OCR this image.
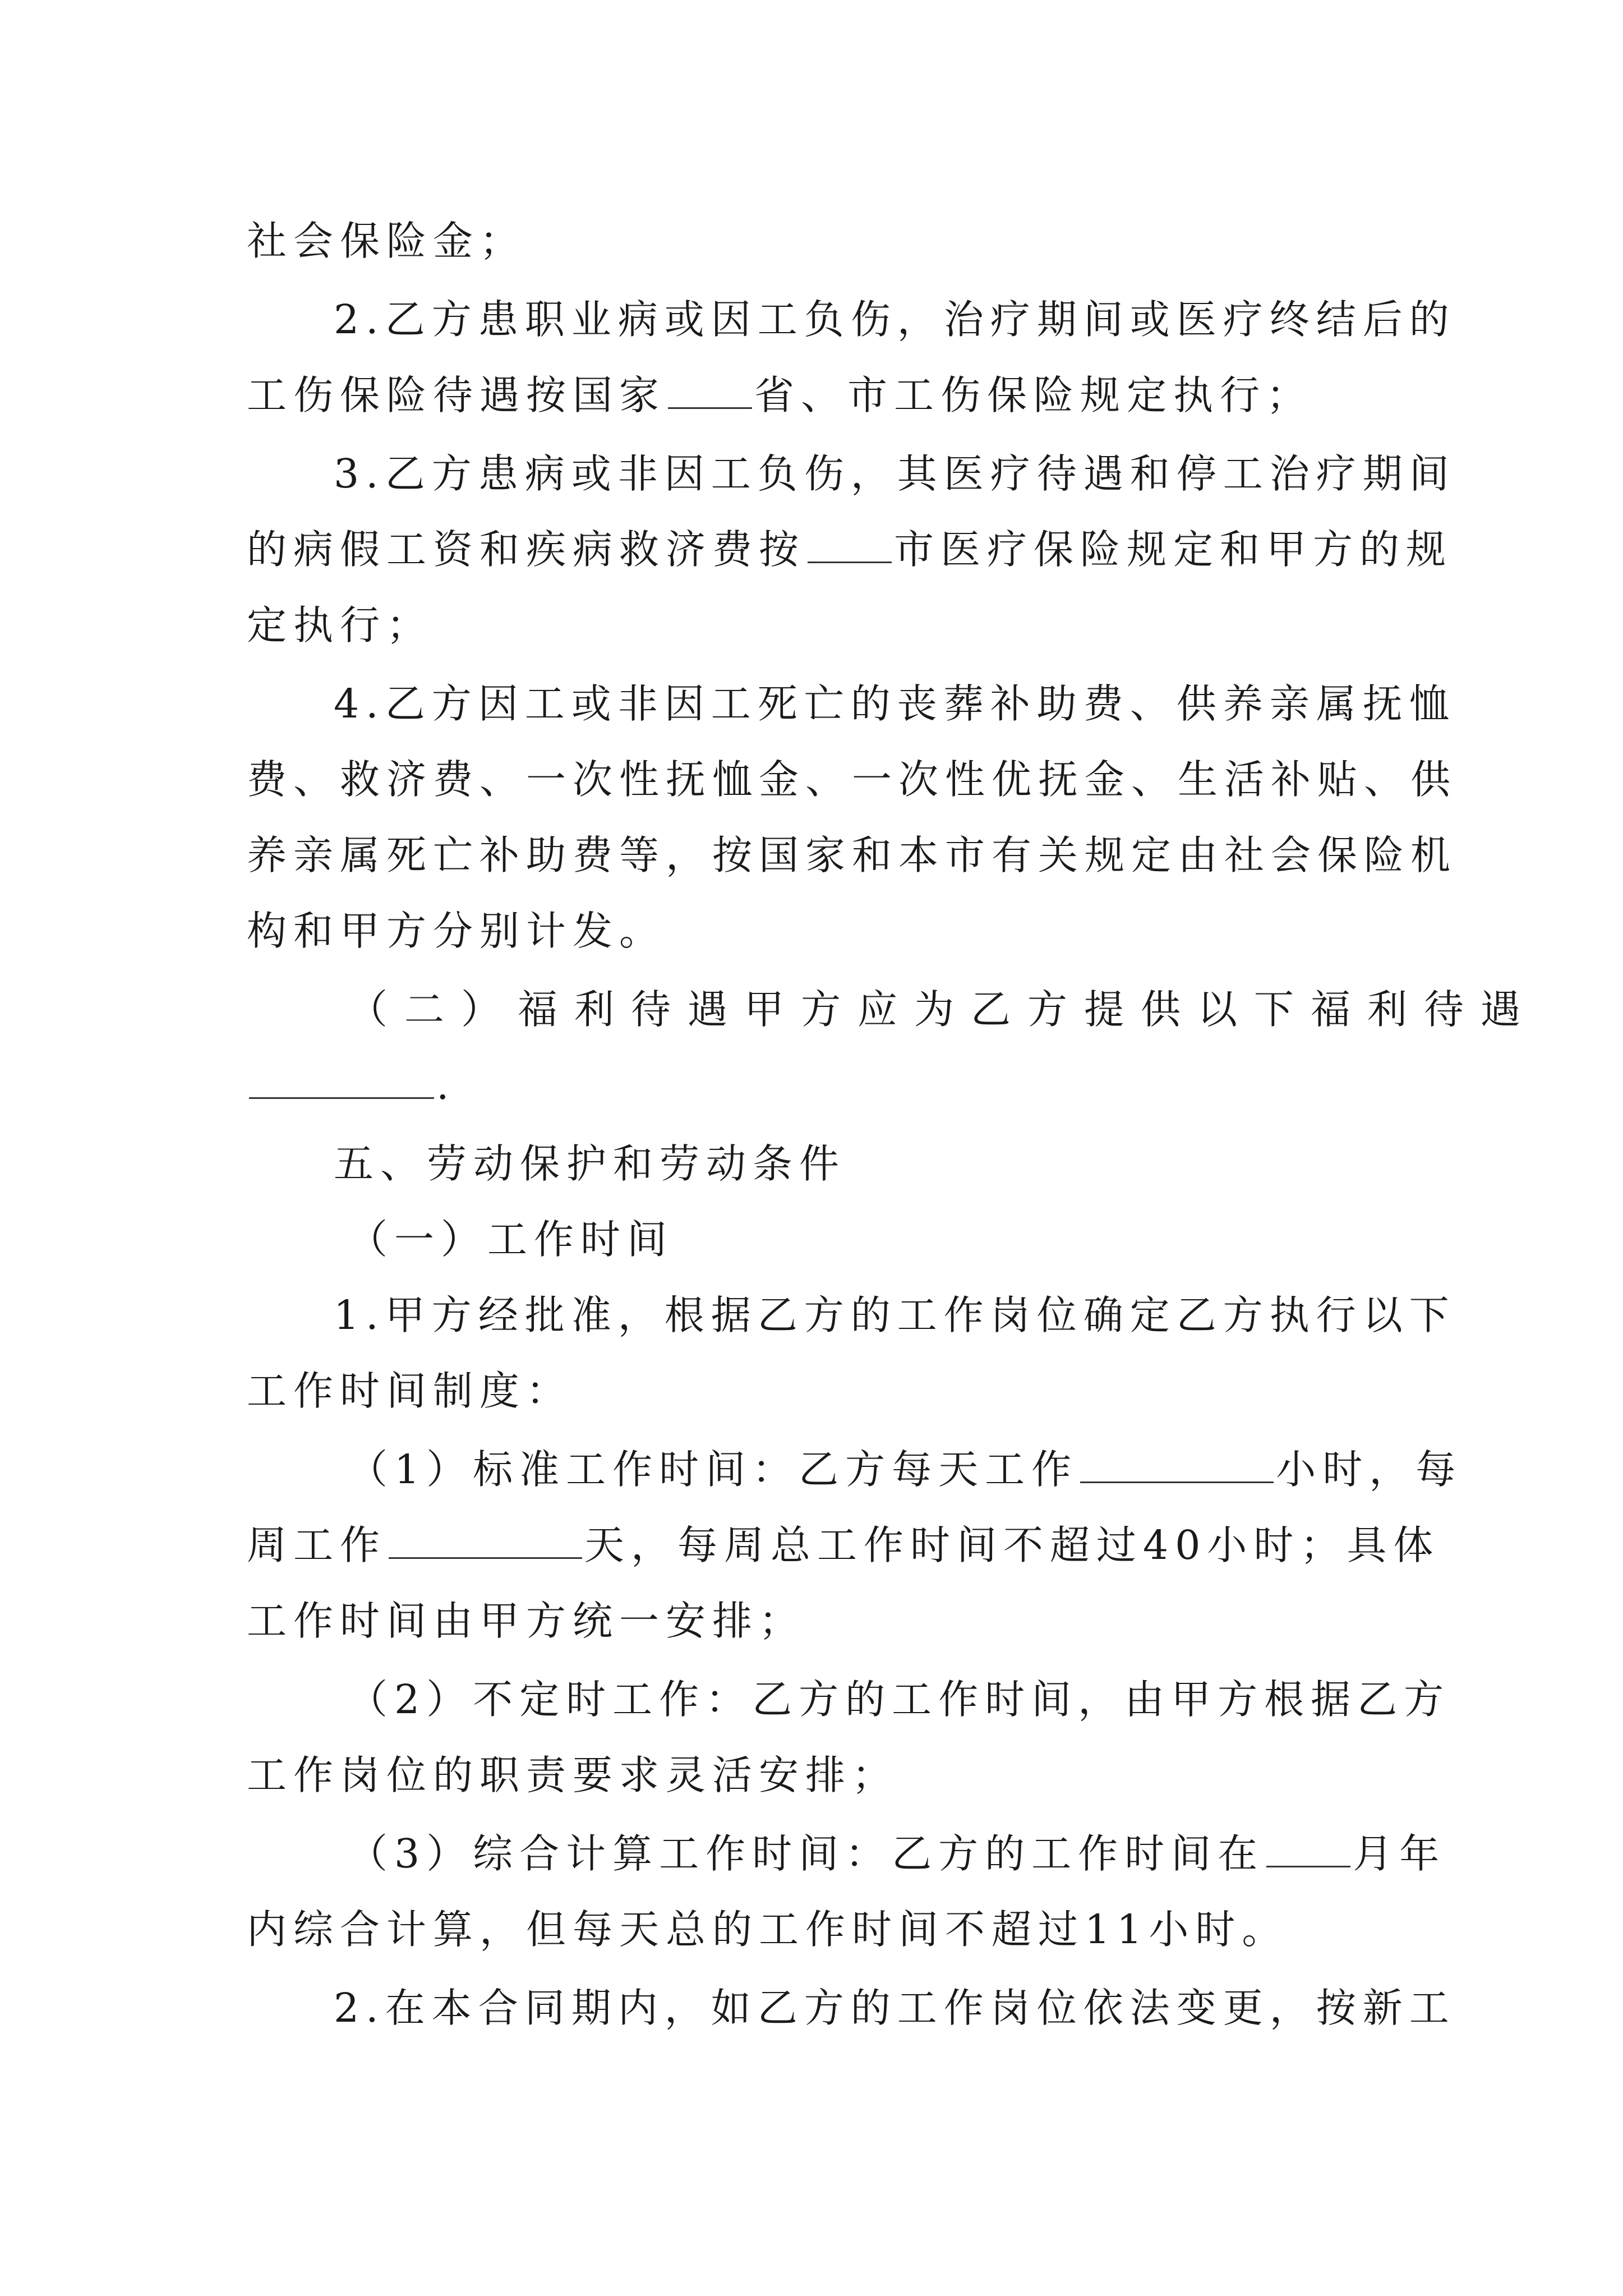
社会保险金；
2.乙方患职业病或因工负伤，治疗期间或医疗终结后的
工伤保险待遇按国家 省、市工伤保险规定执行；
3.乙方患病或非因工负伤，其医疗待遇和停工治疗期间
的病假工资和疾病救济费按 市医疗保险规定和甲方的规
定执行；
4.乙方因工或非因工死亡的丧葬补助费、供养亲属抚恤
费、救济费、一次性抚恤金、一次性优抚金、生活补贴、供
养亲属死亡补助费等，按国家和本市有关规定由社会保险机
构和甲方分别计发。
（二）福利待遇甲方应为乙方提供以下福利待遇
.
五、劳动保护和劳动条件
（一）工作时间
1.甲方经批准，根据乙方的工作岗位确定乙方执行以下
工作时间制度：
（1）标准工作时间：乙方每天工作	小时，每
周工作	天，每周总工作时间不超过40小时；具体
工作时间由甲方统一安排；
（2）不定时工作：乙方的工作时间，由甲方根据乙方
工作岗位的职责要求灵活安排；
（3）综合计算工作时间：乙方的工作时间在 月年
内综合计算，但每天总的工作时间不超过11小时。
2.在本合同期内，如乙方的工作岗位依法变更，按新工
